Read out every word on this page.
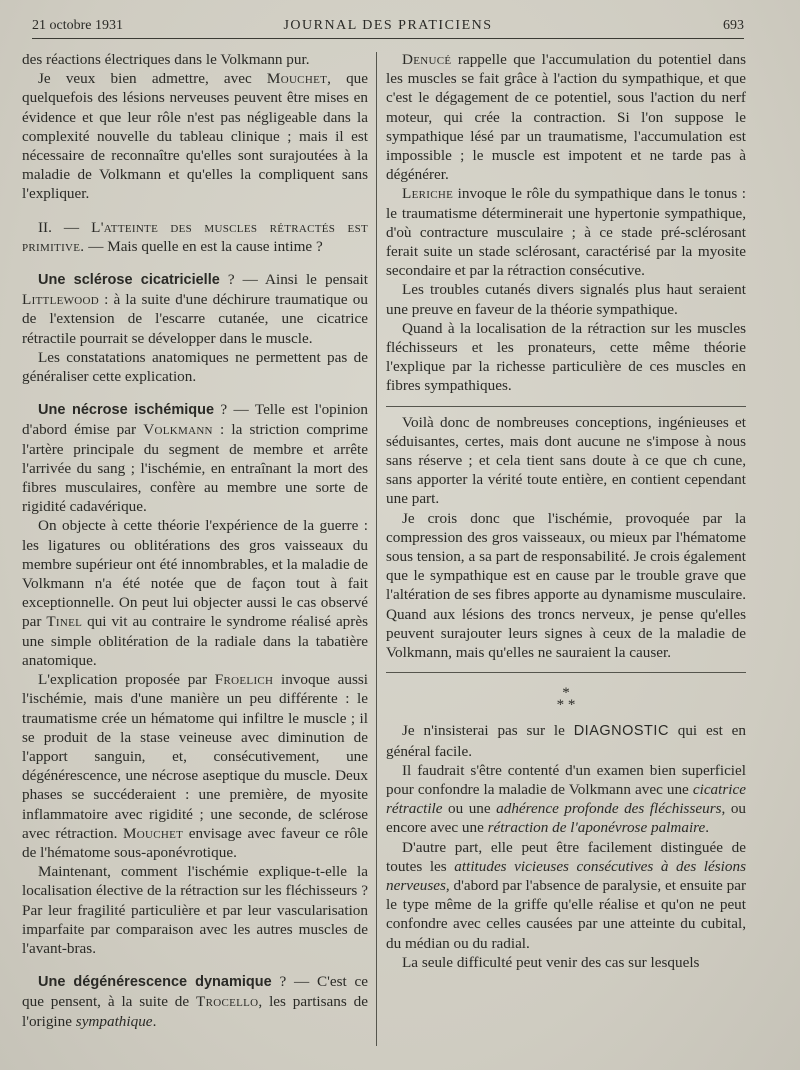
21 octobre 1931	JOURNAL DES PRATICIENS	693

des réactions électriques dans le Volkmann pur.

Je veux bien admettre, avec Mouchet, que quelquefois des lésions nerveuses peuvent être mises en évidence et que leur rôle n'est pas négligeable dans la complexité nouvelle du tableau clinique ; mais il est nécessaire de reconnaître qu'elles sont surajoutées à la maladie de Volkmann et qu'elles la compliquent sans l'expliquer.

II. — L'atteinte des muscles rétractés est primitive. — Mais quelle en est la cause intime ?

Une sclérose cicatricielle ? — Ainsi le pensait Littlewood : à la suite d'une déchirure traumatique ou de l'extension de l'escarre cutanée, une cicatrice rétractile pourrait se développer dans le muscle.

Les constatations anatomiques ne permettent pas de généraliser cette explication.

Une nécrose ischémique ? — Telle est l'opinion d'abord émise par Volkmann : la striction comprime l'artère principale du segment de membre et arrête l'arrivée du sang ; l'ischémie, en entraînant la mort des fibres musculaires, confère au membre une sorte de rigidité cadavérique.

On objecte à cette théorie l'expérience de la guerre : les ligatures ou oblitérations des gros vaisseaux du membre supérieur ont été innombrables, et la maladie de Volkmann n'a été notée que de façon tout à fait exceptionnelle. On peut lui objecter aussi le cas observé par Tinel qui vit au contraire le syndrome réalisé après une simple oblitération de la radiale dans la tabatière anatomique.

L'explication proposée par Froelich invoque aussi l'ischémie, mais d'une manière un peu différente : le traumatisme crée un hématome qui infiltre le muscle ; il se produit de la stase veineuse avec diminution de l'apport sanguin, et, consécutivement, une dégénérescence, une nécrose aseptique du muscle. Deux phases se succéderaient : une première, de myosite inflammatoire avec rigidité ; une seconde, de sclérose avec rétraction. Mouchet envisage avec faveur ce rôle de l'hématome sous-aponévrotique.

Maintenant, comment l'ischémie explique-t-elle la localisation élective de la rétraction sur les fléchisseurs ? Par leur fragilité particulière et par leur vascularisation imparfaite par comparaison avec les autres muscles de l'avant-bras.

Une dégénérescence dynamique ? — C'est ce que pensent, à la suite de Trocello, les partisans de l'origine sympathique.

Denucé rappelle que l'accumulation du potentiel dans les muscles se fait grâce à l'action du sympathique, et que c'est le dégagement de ce potentiel, sous l'action du nerf moteur, qui crée la contraction. Si l'on suppose le sympathique lésé par un traumatisme, l'accumulation est impossible ; le muscle est impotent et ne tarde pas à dégénérer.

Leriche invoque le rôle du sympathique dans le tonus : le traumatisme déterminerait une hypertonie sympathique, d'où contracture musculaire ; à ce stade pré-sclérosant ferait suite un stade sclérosant, caractérisé par la myosite secondaire et par la rétraction consécutive.

Les troubles cutanés divers signalés plus haut seraient une preuve en faveur de la théorie sympathique.

Quand à la localisation de la rétraction sur les muscles fléchisseurs et les pronateurs, cette même théorie l'explique par la richesse particulière de ces muscles en fibres sympathiques.

Voilà donc de nombreuses conceptions, ingénieuses et séduisantes, certes, mais dont aucune ne s'impose à nous sans réserve ; et cela tient sans doute à ce que ch cune, sans apporter la vérité toute entière, en contient cependant une part.

Je crois donc que l'ischémie, provoquée par la compression des gros vaisseaux, ou mieux par l'hématome sous tension, a sa part de responsabilité. Je crois également que le sympathique est en cause par le trouble grave que l'altération de ses fibres apporte au dynamisme musculaire. Quand aux lésions des troncs nerveux, je pense qu'elles peuvent surajouter leurs signes à ceux de la maladie de Volkmann, mais qu'elles ne sauraient la causer.

*
* *

Je n'insisterai pas sur le DIAGNOSTIC qui est en général facile.

Il faudrait s'être contenté d'un examen bien superficiel pour confondre la maladie de Volkmann avec une cicatrice rétractile ou une adhérence profonde des fléchisseurs, ou encore avec une rétraction de l'aponévrose palmaire.

D'autre part, elle peut être facilement distinguée de toutes les attitudes vicieuses consécutives à des lésions nerveuses, d'abord par l'absence de paralysie, et ensuite par le type même de la griffe qu'elle réalise et qu'on ne peut confondre avec celles causées par une atteinte du cubital, du médian ou du radial.

La seule difficulté peut venir des cas sur lesquels
